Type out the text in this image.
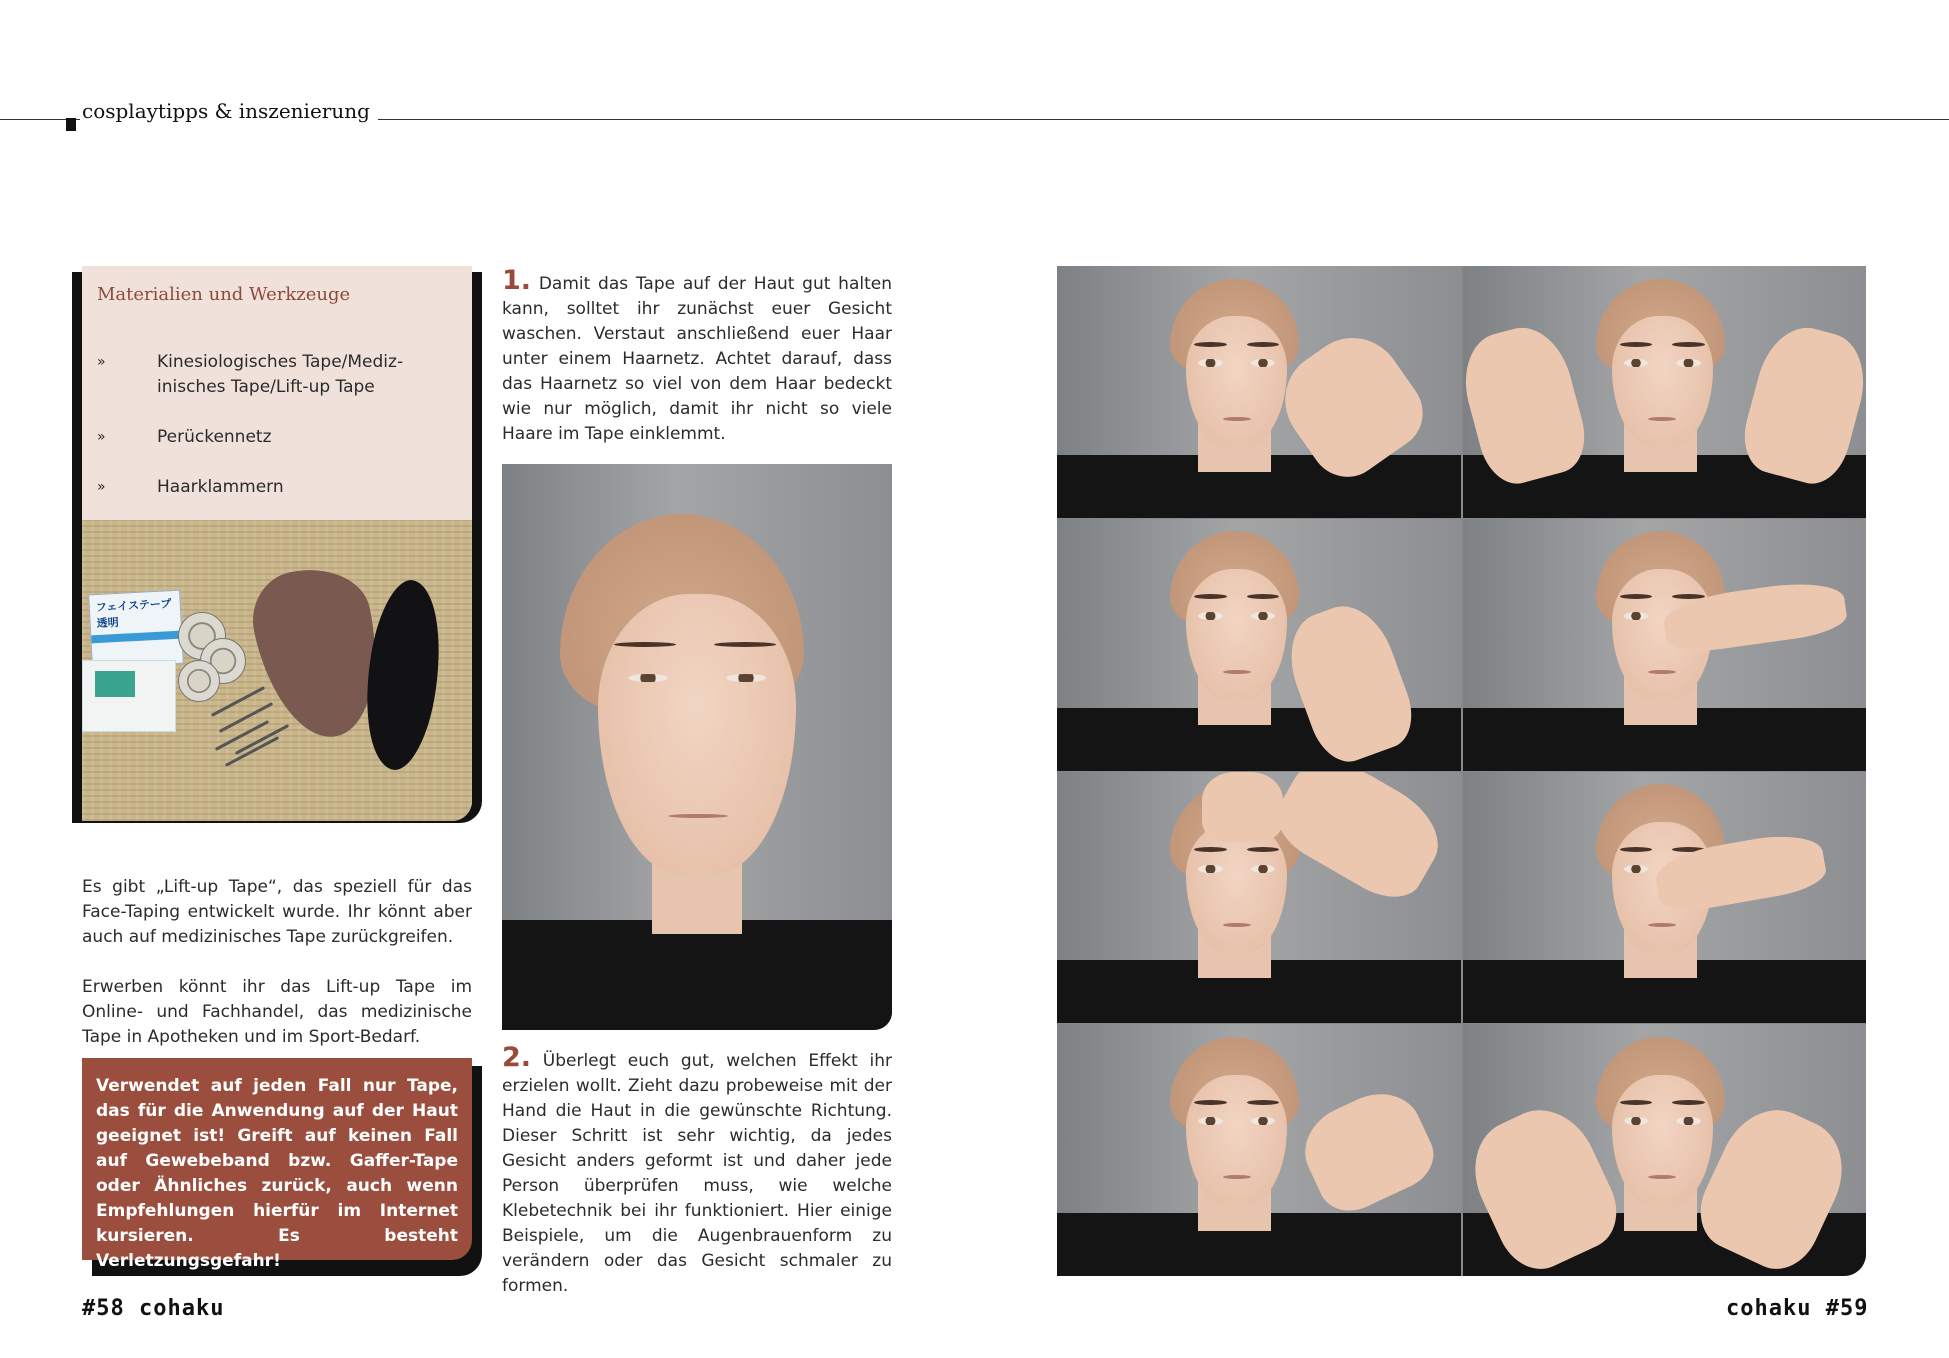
cosplaytipps & inszenierung
Materialien und Werkzeuge
»	Kinesiologisches Tape/Mediz-inisches Tape/Lift-up Tape
»	Perückennetz
»	Haarklammern
フェイステープ透明
Es gibt „Lift-up Tape“, das speziell für das Face-Taping entwickelt wurde. Ihr könnt aber auch auf medizinisches Tape zurückgreifen.
Erwerben könnt ihr das Lift-up Tape im Online- und Fachhandel, das medizinische Tape in Apotheken und im Sport-Bedarf.

Verwendet auf jeden Fall nur Tape, das für die Anwendung auf der Haut geeignet ist! Greift auf keinen Fall auf Gewebeband bzw. Gaffer-Tape oder Ähnliches zurück, auch wenn Empfehlungen hierfür im Internet kursieren. Es besteht Verletzungsgefahr!

1. Damit das Tape auf der Haut gut halten kann, solltet ihr zunächst euer Gesicht waschen. Verstaut anschließend euer Haar unter einem Haarnetz. Achtet darauf, dass das Haarnetz so viel von dem Haar bedeckt wie nur möglich, damit ihr nicht so viele Haare im Tape einklemmt.
2. Überlegt euch gut, welchen Effekt ihr erzielen wollt. Zieht dazu probeweise mit der Hand die Haut in die gewünschte Richtung. Dieser Schritt ist sehr wichtig, da jedes Gesicht anders geformt ist und daher jede Person überprüfen muss, wie welche Klebetechnik bei ihr funktioniert. Hier einige Beispiele, um die Augenbrauenform zu verändern oder das Gesicht schmaler zu formen.
#58 cohaku	cohaku #59
